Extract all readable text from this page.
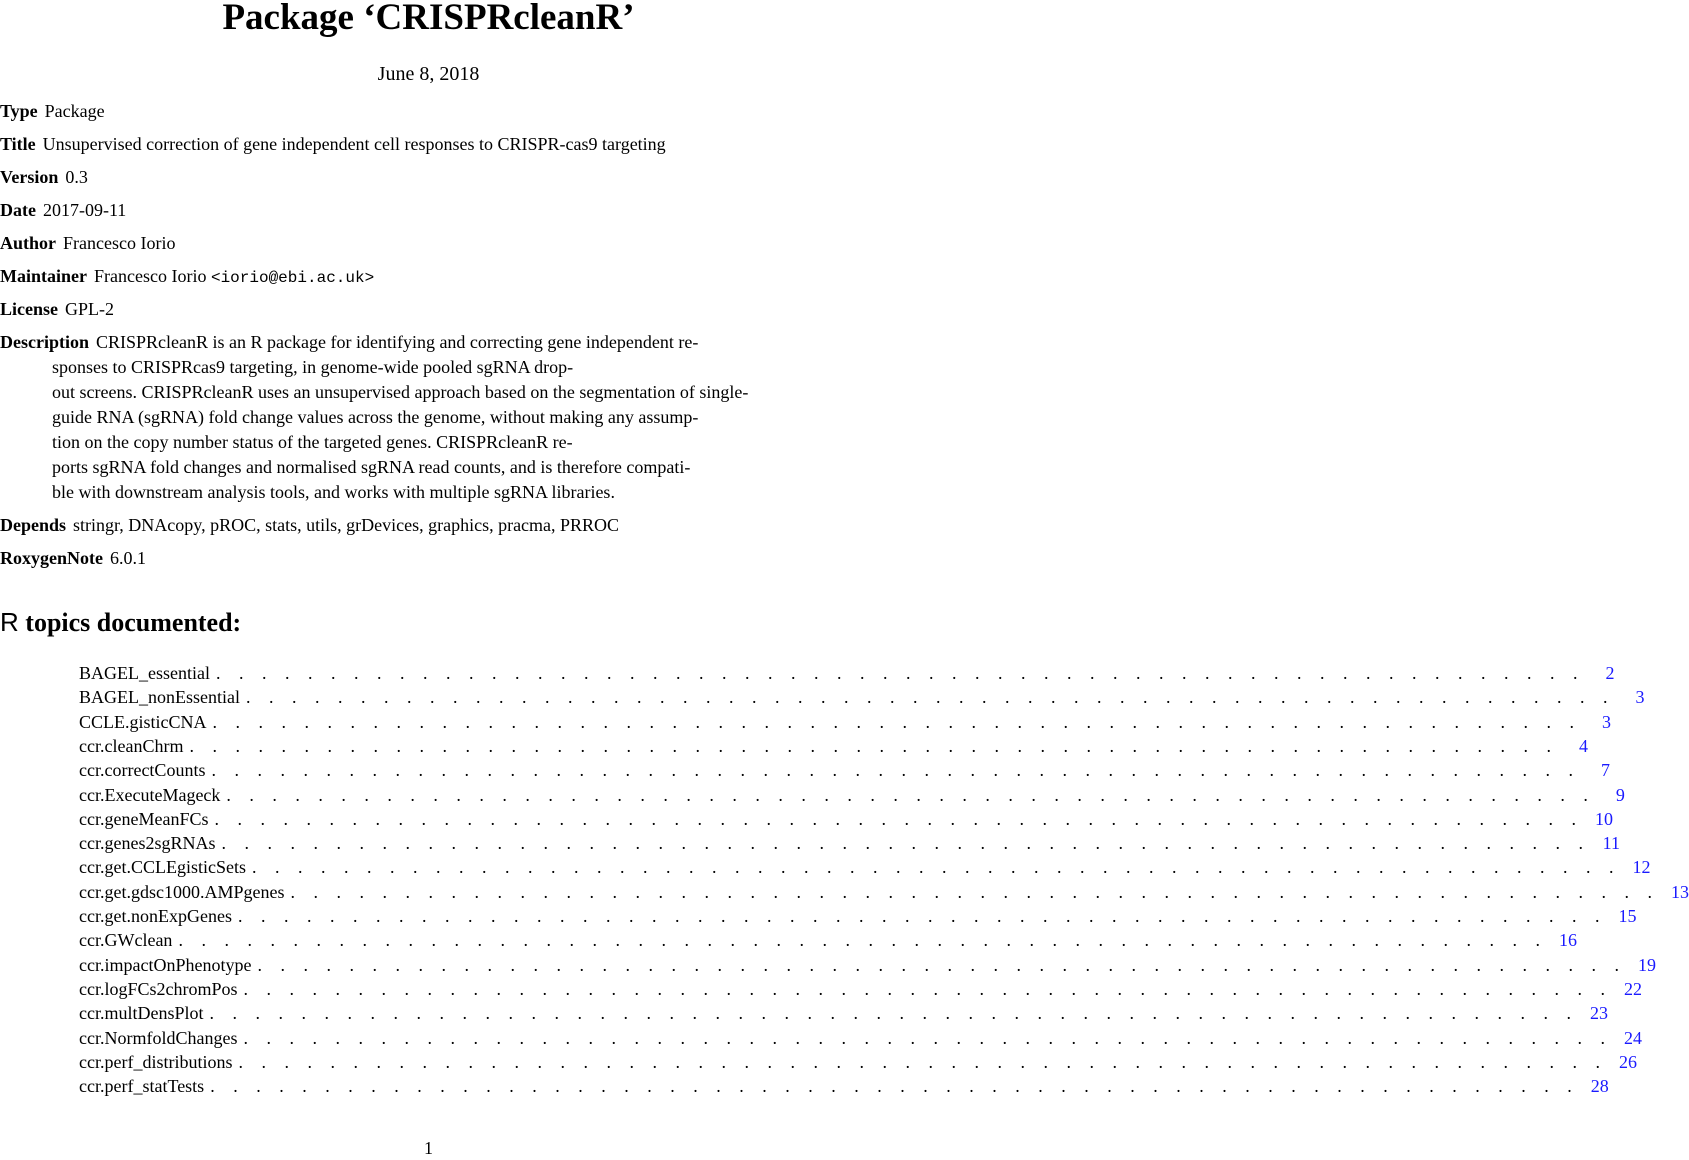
Package ‘CRISPRcleanR’
June 8, 2018
Type Package
Title Unsupervised correction of gene independent cell responses to CRISPR-cas9 targeting
Version 0.3
Date 2017-09-11
Author Francesco Iorio
Maintainer Francesco Iorio <iorio@ebi.ac.uk>
License GPL-2
Description CRISPRcleanR is an R package for identifying and correcting gene independent re-
sponses to CRISPRcas9 targeting, in genome-wide pooled sgRNA drop-
out screens. CRISPRcleanR uses an unsupervised approach based on the segmentation of single-
guide RNA (sgRNA) fold change values across the genome, without making any assump-
tion on the copy number status of the targeted genes. CRISPRcleanR re-
ports sgRNA fold changes and normalised sgRNA read counts, and is therefore compati-
ble with downstream analysis tools, and works with multiple sgRNA libraries.
Depends stringr, DNAcopy, pROC, stats, utils, grDevices, graphics, pracma, PRROC
RoxygenNote 6.0.1
R topics documented:
BAGEL_essential . . . . . . . . . . . . . . . . . . . . . . . . . . . . . . . . . . . . . . . . . . . . . . . . . . . . . . . . . . . .	2
BAGEL_nonEssential . . . . . . . . . . . . . . . . . . . . . . . . . . . . . . . . . . . . . . . . . . . . . . . . . . . . . . . . . . . .	3
CCLE.gisticCNA . . . . . . . . . . . . . . . . . . . . . . . . . . . . . . . . . . . . . . . . . . . . . . . . . . . . . . . . . . . .	3
ccr.cleanChrm . . . . . . . . . . . . . . . . . . . . . . . . . . . . . . . . . . . . . . . . . . . . . . . . . . . . . . . . . . . .	4
ccr.correctCounts . . . . . . . . . . . . . . . . . . . . . . . . . . . . . . . . . . . . . . . . . . . . . . . . . . . . . . . . . . . .	7
ccr.ExecuteMageck . . . . . . . . . . . . . . . . . . . . . . . . . . . . . . . . . . . . . . . . . . . . . . . . . . . . . . . . . . . .	9
ccr.geneMeanFCs . . . . . . . . . . . . . . . . . . . . . . . . . . . . . . . . . . . . . . . . . . . . . . . . . . . . . . . . . . . . 10
ccr.genes2sgRNAs . . . . . . . . . . . . . . . . . . . . . . . . . . . . . . . . . . . . . . . . . . . . . . . . . . . . . . . . . . . . 11
ccr.get.CCLEgisticSets . . . . . . . . . . . . . . . . . . . . . . . . . . . . . . . . . . . . . . . . . . . . . . . . . . . . . . . . . . . . 12
ccr.get.gdsc1000.AMPgenes . . . . . . . . . . . . . . . . . . . . . . . . . . . . . . . . . . . . . . . . . . . . . . . . . . . . . . . . . . . . 13
ccr.get.nonExpGenes . . . . . . . . . . . . . . . . . . . . . . . . . . . . . . . . . . . . . . . . . . . . . . . . . . . . . . . . . . . . 15
ccr.GWclean . . . . . . . . . . . . . . . . . . . . . . . . . . . . . . . . . . . . . . . . . . . . . . . . . . . . . . . . . . . . 16
ccr.impactOnPhenotype . . . . . . . . . . . . . . . . . . . . . . . . . . . . . . . . . . . . . . . . . . . . . . . . . . . . . . . . . . . . 19
ccr.logFCs2chromPos . . . . . . . . . . . . . . . . . . . . . . . . . . . . . . . . . . . . . . . . . . . . . . . . . . . . . . . . . . . . 22
ccr.multDensPlot . . . . . . . . . . . . . . . . . . . . . . . . . . . . . . . . . . . . . . . . . . . . . . . . . . . . . . . . . . . . 23
ccr.NormfoldChanges . . . . . . . . . . . . . . . . . . . . . . . . . . . . . . . . . . . . . . . . . . . . . . . . . . . . . . . . . . . . 24
ccr.perf_distributions . . . . . . . . . . . . . . . . . . . . . . . . . . . . . . . . . . . . . . . . . . . . . . . . . . . . . . . . . . . . 26
ccr.perf_statTests . . . . . . . . . . . . . . . . . . . . . . . . . . . . . . . . . . . . . . . . . . . . . . . . . . . . . . . . . . . . 28
1
